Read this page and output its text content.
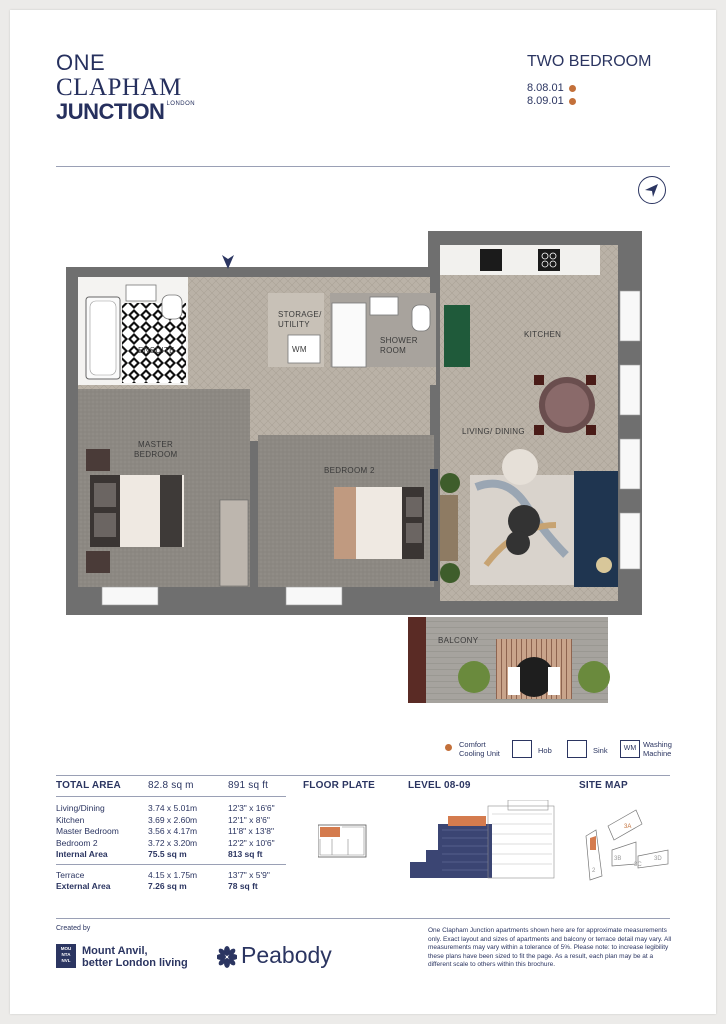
ONE
CLAPHAM
JUNCTION $^{LONDON}$
TWO BEDROOM
8.08.01
8.09.01
ENSUITE	WM
STORAGE/
UTILITY
SHOWER
ROOM
KITCHEN
LIVING/ DINING
MASTER
BEDROOM
BEDROOM 2
BALCONY
Comfort
Cooling Unit	Hob	Sink	WM Washing
Machine
TOTAL AREA	82.8 sq m	891 sq ft
Living/Dining	3.74 x 5.01m	12'3" x 16'6"
Kitchen	3.69 x 2.60m	12'1" x 8'6"
Master Bedroom	3.56 x 4.17m	11'8" x 13'8"
Bedroom 2	3.72 x 3.20m	12'2" x 10'6"
Internal Area	75.5 sq m	813 sq ft
Terrace	4.15 x 1.75m	13'7" x 5'9"
External Area	7.26 sq m	78 sq ft
FLOOR PLATE	LEVEL 08-09	SITE MAP
3A
3B
3C
3D
2
Created by
MOU
NTA
NVL
Mount Anvil,
better London living	Peabody
One Clapham Junction apartments shown here are for approximate measurements only. Exact layout and sizes of apartments and balcony or terrace detail may vary. All measurements may vary within a tolerance of 5%. Please note: to increase legibility these plans have been sized to fit the page. As a result, each plan may be at a different scale to others within this brochure.
